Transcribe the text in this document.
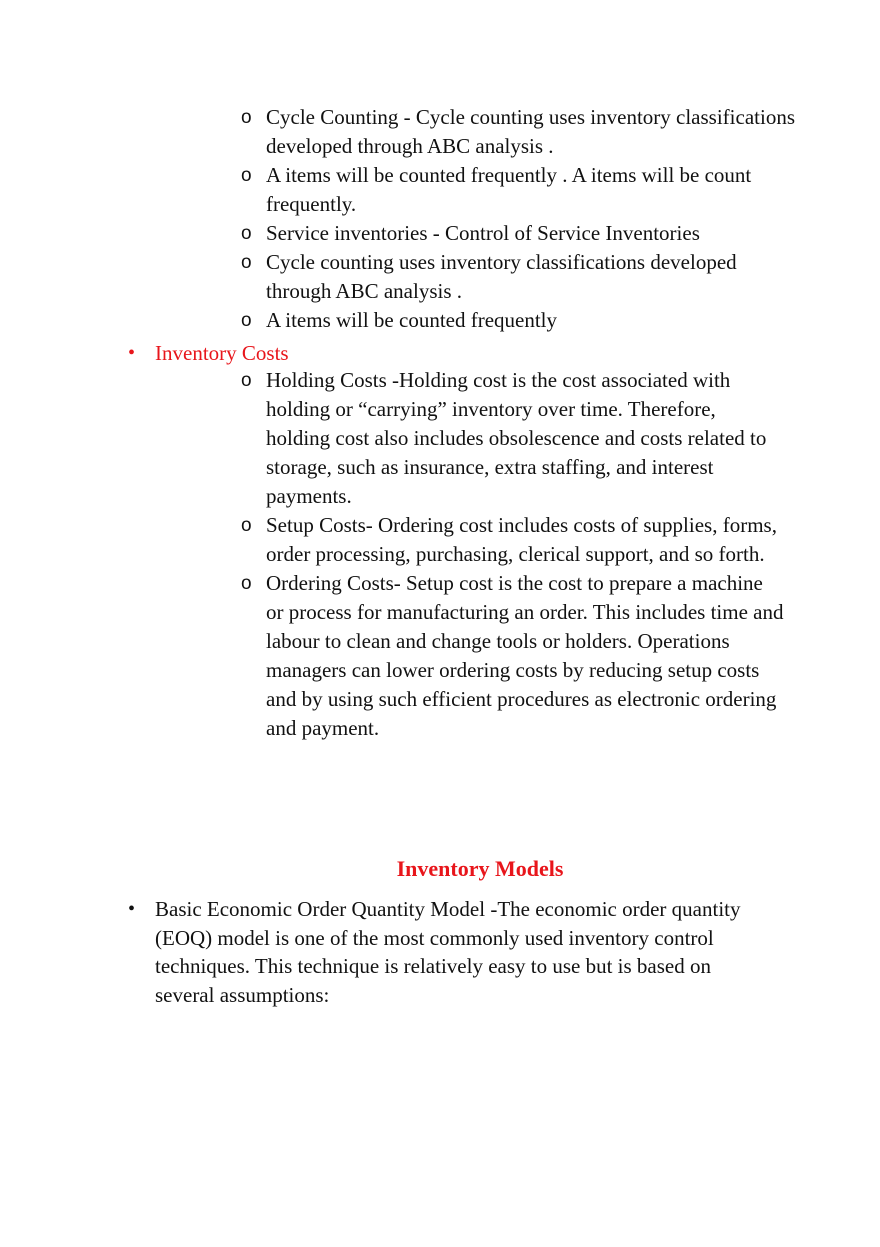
o Cycle Counting - Cycle counting uses inventory classifications developed through ABC analysis .
o A items will be counted frequently . A items will be count frequently.
o Service inventories - Control of Service Inventories
o Cycle counting uses inventory classifications developed through ABC analysis .
o A items will be counted frequently
• Inventory Costs
o Holding Costs -Holding cost is the cost associated with holding or “carrying” inventory over time. Therefore, holding cost also includes obsolescence and costs related to storage, such as insurance, extra staffing, and interest payments.
o Setup Costs- Ordering cost includes costs of supplies, forms, order processing, purchasing, clerical support, and so forth.
o Ordering Costs- Setup cost is the cost to prepare a machine or process for manufacturing an order. This includes time and labour to clean and change tools or holders. Operations managers can lower ordering costs by reducing setup costs and by using such efficient procedures as electronic ordering and payment.
Inventory Models
• Basic Economic Order Quantity Model -The economic order quantity (EOQ) model is one of the most commonly used inventory control techniques. This technique is relatively easy to use but is based on several assumptions:
